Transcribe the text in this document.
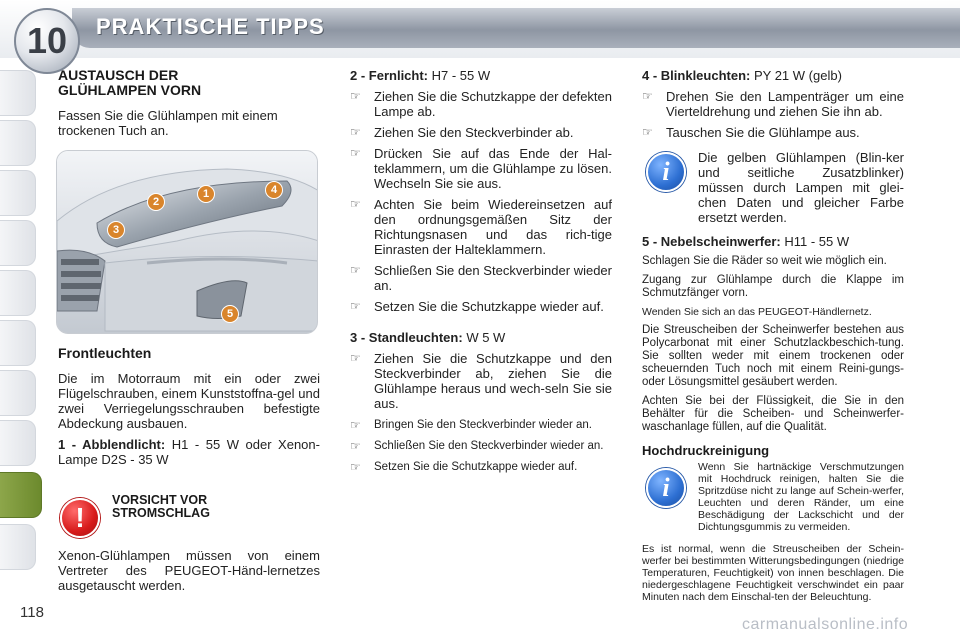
PRAKTISCHE TIPPS
10
AUSTAUSCH DER
GLÜHLAMPEN VORN
Fassen Sie die Glühlampen mit einem trockenen Tuch an.
1
2
3
4
5
Frontleuchten
Die im Motorraum mit ein oder zwei Flügelschrauben, einem Kunststoffna-gel und zwei Verriegelungsschrauben befestigte Abdeckung ausbauen.
1 - Abblendlicht: H1 - 55 W oder Xenon-Lampe D2S - 35 W
!
VORSICHT VOR
STROMSCHLAG
Xenon-Glühlampen müssen von einem Vertreter des PEUGEOT-Händ-lernetzes ausgetauscht werden.
2 - Fernlicht: H7 - 55 W
☞	Ziehen Sie die Schutzkappe der defekten Lampe ab.
☞	Ziehen Sie den Steckverbinder ab.
☞	Drücken Sie auf das Ende der Hal-teklammern, um die Glühlampe zu lösen. Wechseln Sie sie aus.
☞	Achten Sie beim Wiedereinsetzen auf den ordnungsgemäßen Sitz der Richtungsnasen und das rich-tige Einrasten der Halteklammern.
☞	Schließen Sie den Steckverbinder wieder an.
☞	Setzen Sie die Schutzkappe wieder auf.
3 - Standleuchten: W 5 W
☞	Ziehen Sie die Schutzkappe und den Steckverbinder ab, ziehen Sie die Glühlampe heraus und wech-seln Sie sie aus.
☞	Bringen Sie den Steckverbinder wieder an.
☞	Schließen Sie den Steckverbinder wieder an.
☞	Setzen Sie die Schutzkappe wieder auf.
4 - Blinkleuchten: PY 21 W (gelb)
☞	Drehen Sie den Lampenträger um eine Vierteldrehung und ziehen Sie ihn ab.
☞	Tauschen Sie die Glühlampe aus.
i	Die gelben Glühlampen (Blin-ker und seitliche Zusatzblinker) müssen durch Lampen mit glei-chen Daten und gleicher Farbe ersetzt werden.
5 - Nebelscheinwerfer: H11 - 55 W
Schlagen Sie die Räder so weit wie möglich ein.
Zugang zur Glühlampe durch die Klappe im Schmutzfänger vorn.
Wenden Sie sich an das PEUGEOT-Händlernetz.
Die Streuscheiben der Scheinwerfer bestehen aus Polycarbonat mit einer Schutzlackbeschich-tung. Sie sollten weder mit einem trockenen oder scheuernden Tuch noch mit einem Reini-gungs- oder Lösungsmittel gesäubert werden.
Achten Sie bei der Flüssigkeit, die Sie in den Behälter für die Scheiben- und Scheinwerfer-waschanlage füllen, auf die Qualität.
Hochdruckreinigung
i
Wenn Sie hartnäckige Verschmutzungen mit Hochdruck reinigen, halten Sie die Spritzdüse nicht zu lange auf Schein-werfer, Leuchten und deren Ränder, um eine Beschädigung der Lackschicht und der Dichtungsgummis zu vermeiden.
Es ist normal, wenn die Streuscheiben der Schein-werfer bei bestimmten Witterungsbedingungen (niedrige Temperaturen, Feuchtigkeit) von innen beschlagen. Die niedergeschlagene Feuchtigkeit verschwindet ein paar Minuten nach dem Einschal-ten der Beleuchtung.
118
carmanualsonline.info
